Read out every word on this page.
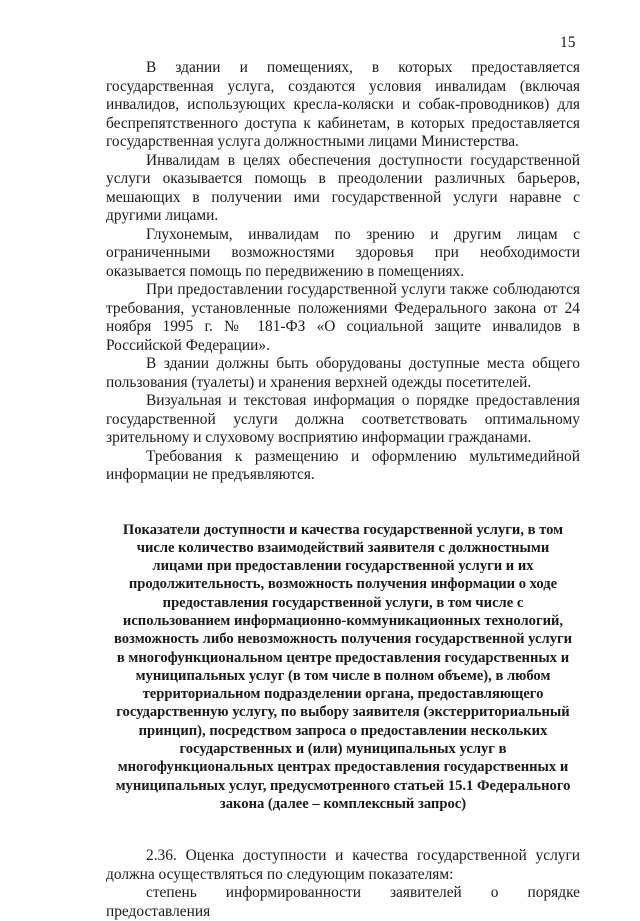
15

В здании и помещениях, в которых предоставляется государственная услуга, создаются условия инвалидам (включая инвалидов, использующих кресла-коляски и собак-проводников) для беспрепятственного доступа к кабинетам, в которых предоставляется государственная услуга должностными лицами Министерства.

Инвалидам в целях обеспечения доступности государственной услуги оказывается помощь в преодолении различных барьеров, мешающих в получении ими государственной услуги наравне с другими лицами.

Глухонемым, инвалидам по зрению и другим лицам с ограниченными возможностями здоровья при необходимости оказывается помощь по передвижению в помещениях.

При предоставлении государственной услуги также соблюдаются требования, установленные положениями Федерального закона от 24 ноября 1995 г. № 181-ФЗ «О социальной защите инвалидов в Российской Федерации».

В здании должны быть оборудованы доступные места общего пользования (туалеты) и хранения верхней одежды посетителей.

Визуальная и текстовая информация о порядке предоставления государственной услуги должна соответствовать оптимальному зрительному и слуховому восприятию информации гражданами.

Требования к размещению и оформлению мультимедийной информации не предъявляются.

Показатели доступности и качества государственной услуги, в том числе количество взаимодействий заявителя с должностными лицами при предоставлении государственной услуги и их продолжительность, возможность получения информации о ходе предоставления государственной услуги, в том числе с использованием информационно-коммуникационных технологий, возможность либо невозможность получения государственной услуги в многофункциональном центре предоставления государственных и муниципальных услуг (в том числе в полном объеме), в любом территориальном подразделении органа, предоставляющего государственную услугу, по выбору заявителя (экстерриториальный принцип), посредством запроса о предоставлении нескольких государственных и (или) муниципальных услуг в многофункциональных центрах предоставления государственных и муниципальных услуг, предусмотренного статьей 15.1 Федерального закона (далее – комплексный запрос)

2.36. Оценка доступности и качества государственной услуги должна осуществляться по следующим показателям:

степень информированности заявителей о порядке предоставления
